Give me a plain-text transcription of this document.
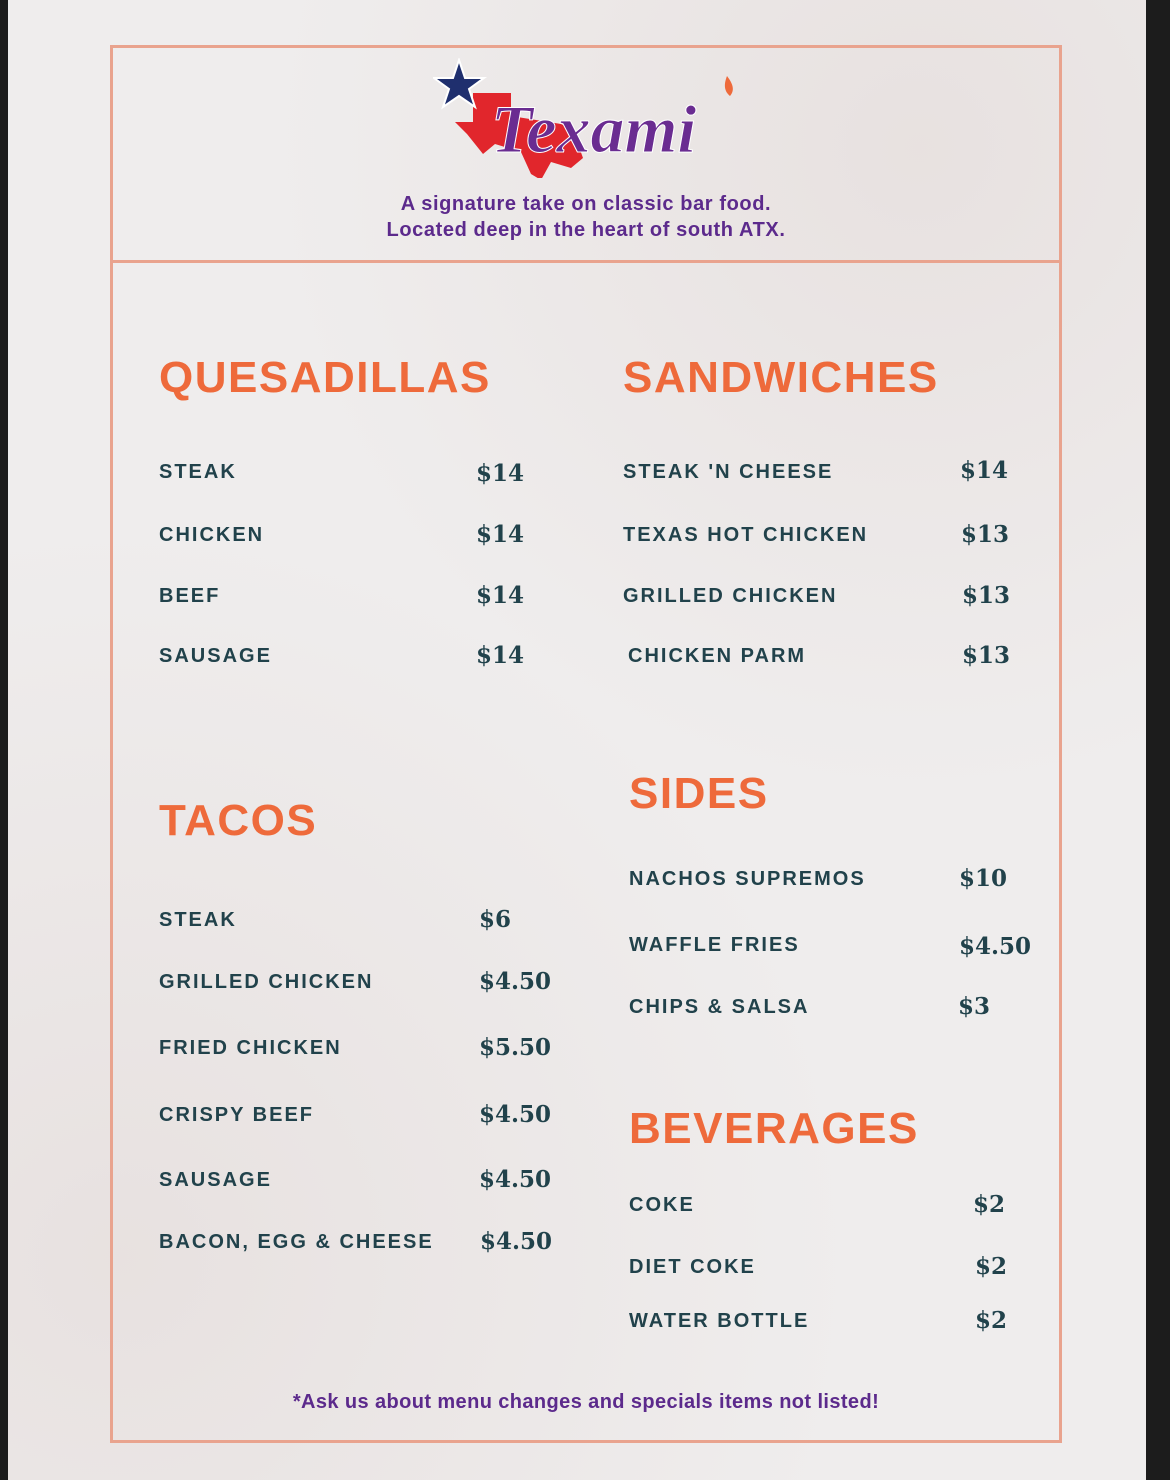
Texami
A signature take on classic bar food.
Located deep in the heart of south ATX.
QUESADILLAS
STEAK	$14
CHICKEN	$14
BEEF	$14
SAUSAGE	$14
SANDWICHES
STEAK 'N CHEESE	$14
TEXAS HOT CHICKEN	$13
GRILLED CHICKEN	$13
CHICKEN PARM	$13
TACOS
STEAK	$6
GRILLED CHICKEN	$4.50
FRIED CHICKEN	$5.50
CRISPY BEEF	$4.50
SAUSAGE	$4.50
BACON, EGG & CHEESE $4.50
SIDES
NACHOS SUPREMOS	$10
WAFFLE FRIES	$4.50
CHIPS & SALSA	$3
BEVERAGES
COKE	$2
DIET COKE	$2
WATER BOTTLE	$2
*Ask us about menu changes and specials items not listed!
